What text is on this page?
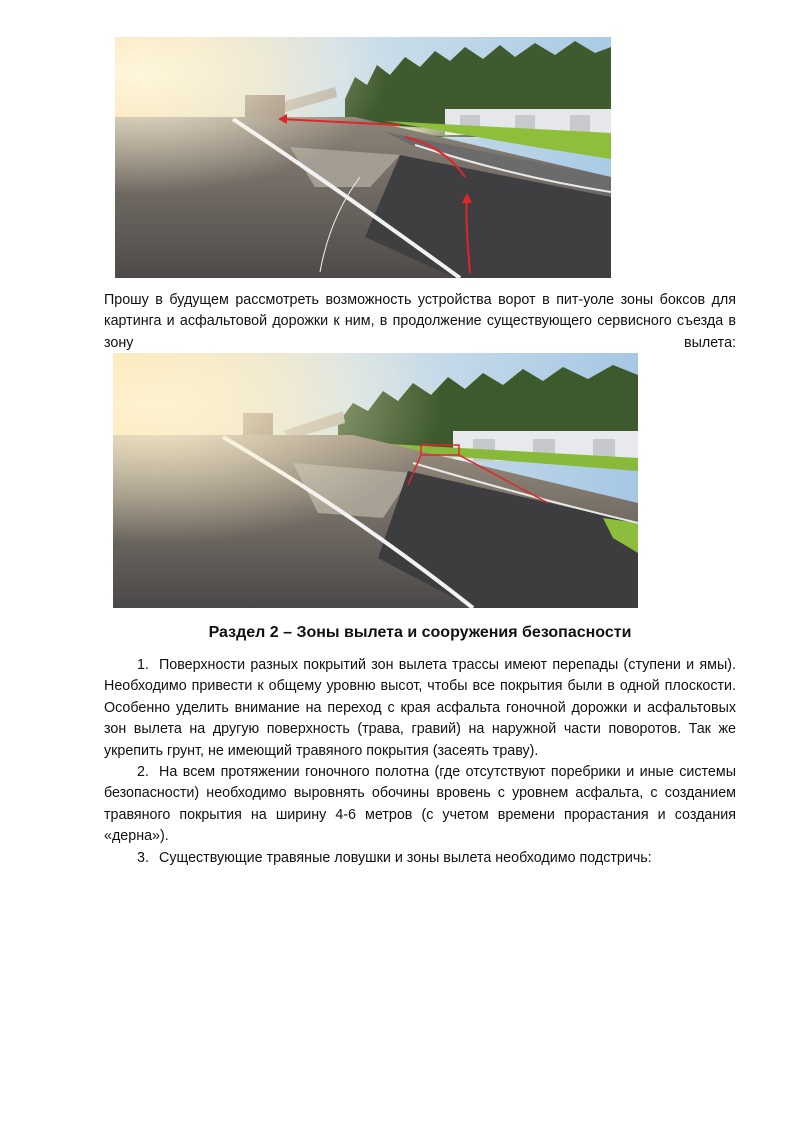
Прошу в будущем рассмотреть возможность устройства ворот в пит-уоле зоны боксов для картинга и асфальтовой дорожки к ним, в продолжение существующего сервисного съезда в зону вылета:

Раздел 2 – Зоны вылета и сооружения безопасности
1. Поверхности разных покрытий зон вылета трассы имеют перепады (ступени и ямы). Необходимо привести к общему уровню высот, чтобы все покрытия были в одной плоскости. Особенно уделить внимание на переход с края асфальта гоночной дорожки и асфальтовых зон вылета на другую поверхность (трава, гравий) на наружной части поворотов. Так же укрепить грунт, не имеющий травяного покрытия (засеять траву).
2. На всем протяжении гоночного полотна (где отсутствуют поребрики и иные системы безопасности) необходимо выровнять обочины вровень с уровнем асфальта, с созданием травяного покрытия на ширину 4-6 метров (с учетом времени прорастания и создания «дерна»).
3. Существующие травяные ловушки и зоны вылета необходимо подстричь:
